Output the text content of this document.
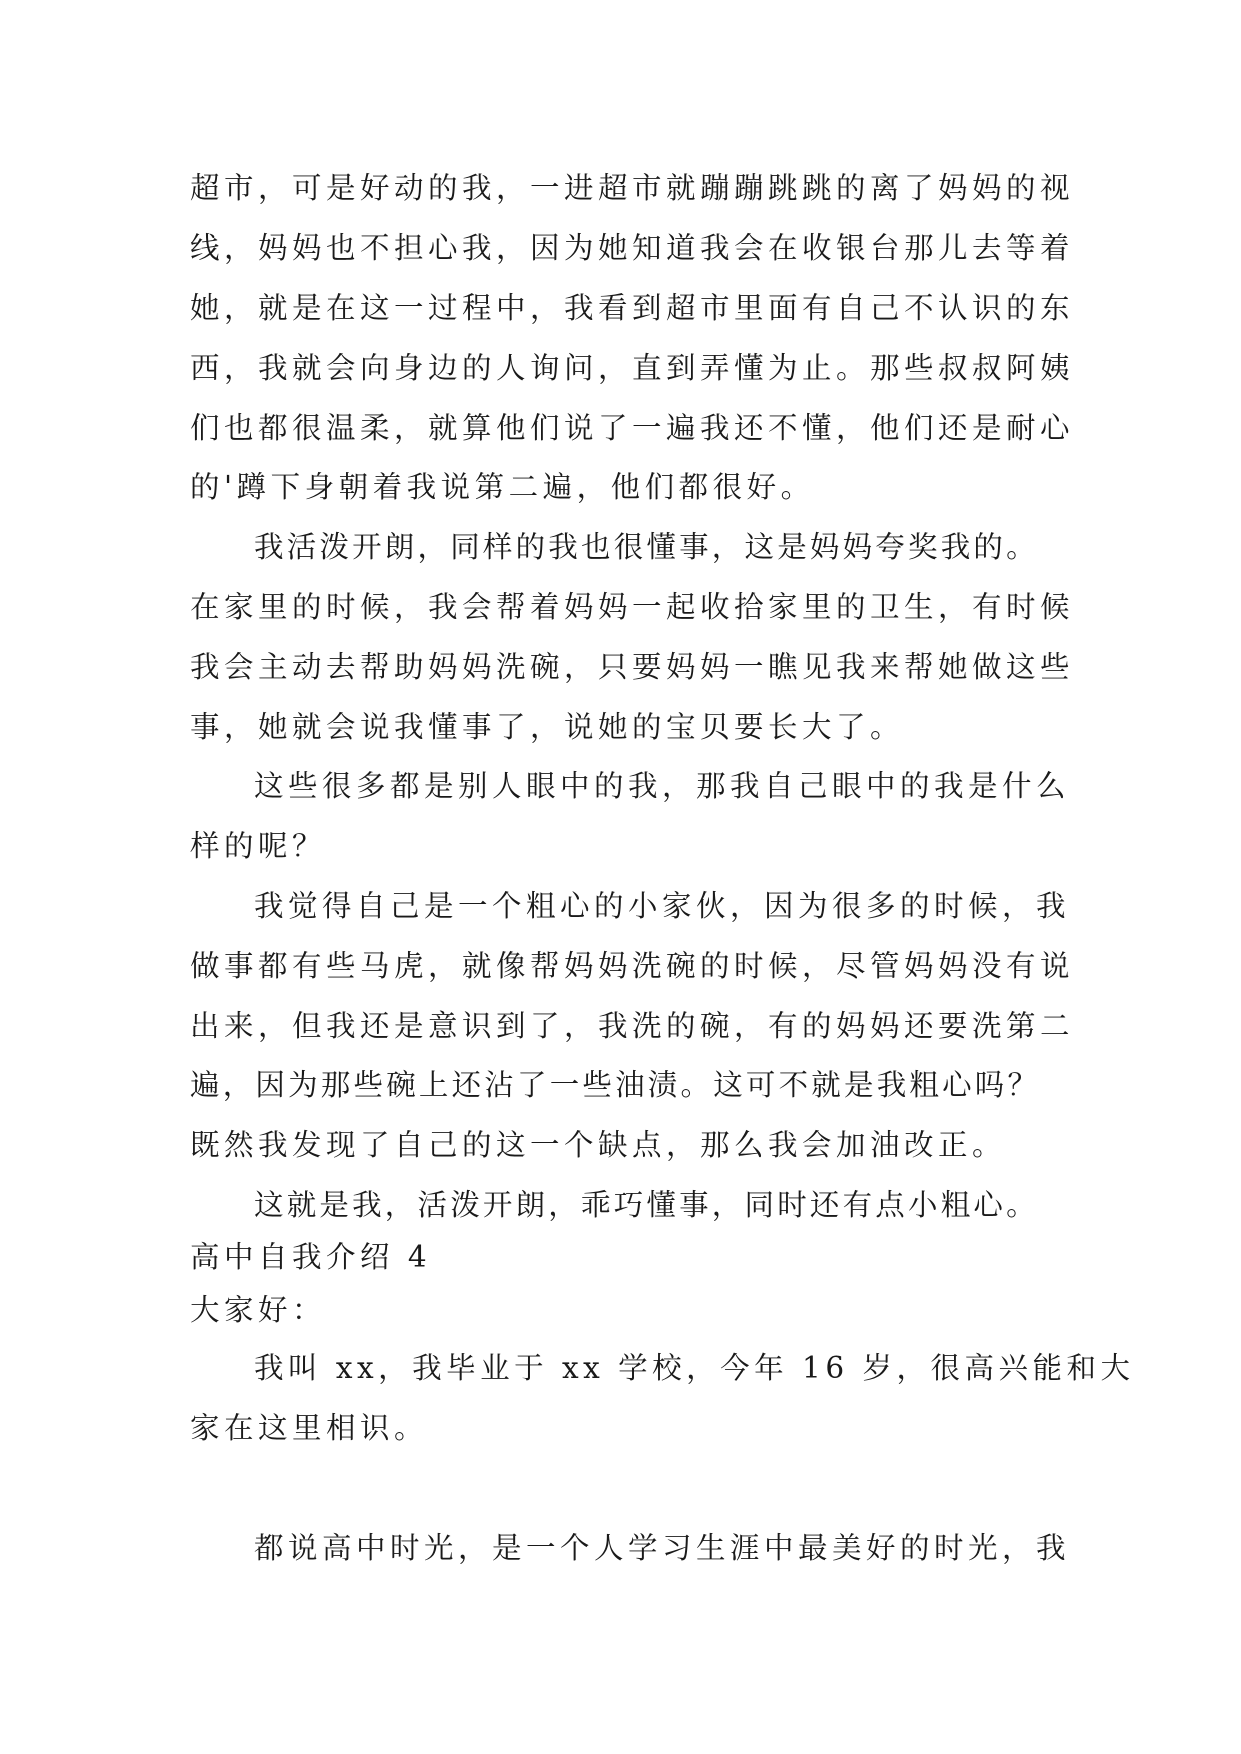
超市，可是好动的我，一进超市就蹦蹦跳跳的离了妈妈的视

线，妈妈也不担心我，因为她知道我会在收银台那儿去等着

她，就是在这一过程中，我看到超市里面有自己不认识的东

西，我就会向身边的人询问，直到弄懂为止。那些叔叔阿姨

们也都很温柔，就算他们说了一遍我还不懂，他们还是耐心

的'蹲下身朝着我说第二遍，他们都很好。

我活泼开朗，同样的我也很懂事，这是妈妈夸奖我的。

在家里的时候，我会帮着妈妈一起收拾家里的卫生，有时候

我会主动去帮助妈妈洗碗，只要妈妈一瞧见我来帮她做这些

事，她就会说我懂事了，说她的宝贝要长大了。

这些很多都是别人眼中的我，那我自己眼中的我是什么

样的呢？

我觉得自己是一个粗心的小家伙，因为很多的时候，我

做事都有些马虎，就像帮妈妈洗碗的时候，尽管妈妈没有说

出来，但我还是意识到了，我洗的碗，有的妈妈还要洗第二

遍，因为那些碗上还沾了一些油渍。这可不就是我粗心吗？

既然我发现了自己的这一个缺点，那么我会加油改正。

这就是我，活泼开朗，乖巧懂事，同时还有点小粗心。

高中自我介绍 4

大家好：

我叫 xx，我毕业于 xx 学校，今年 16 岁，很高兴能和大

家在这里相识。

都说高中时光，是一个人学习生涯中最美好的时光，我
